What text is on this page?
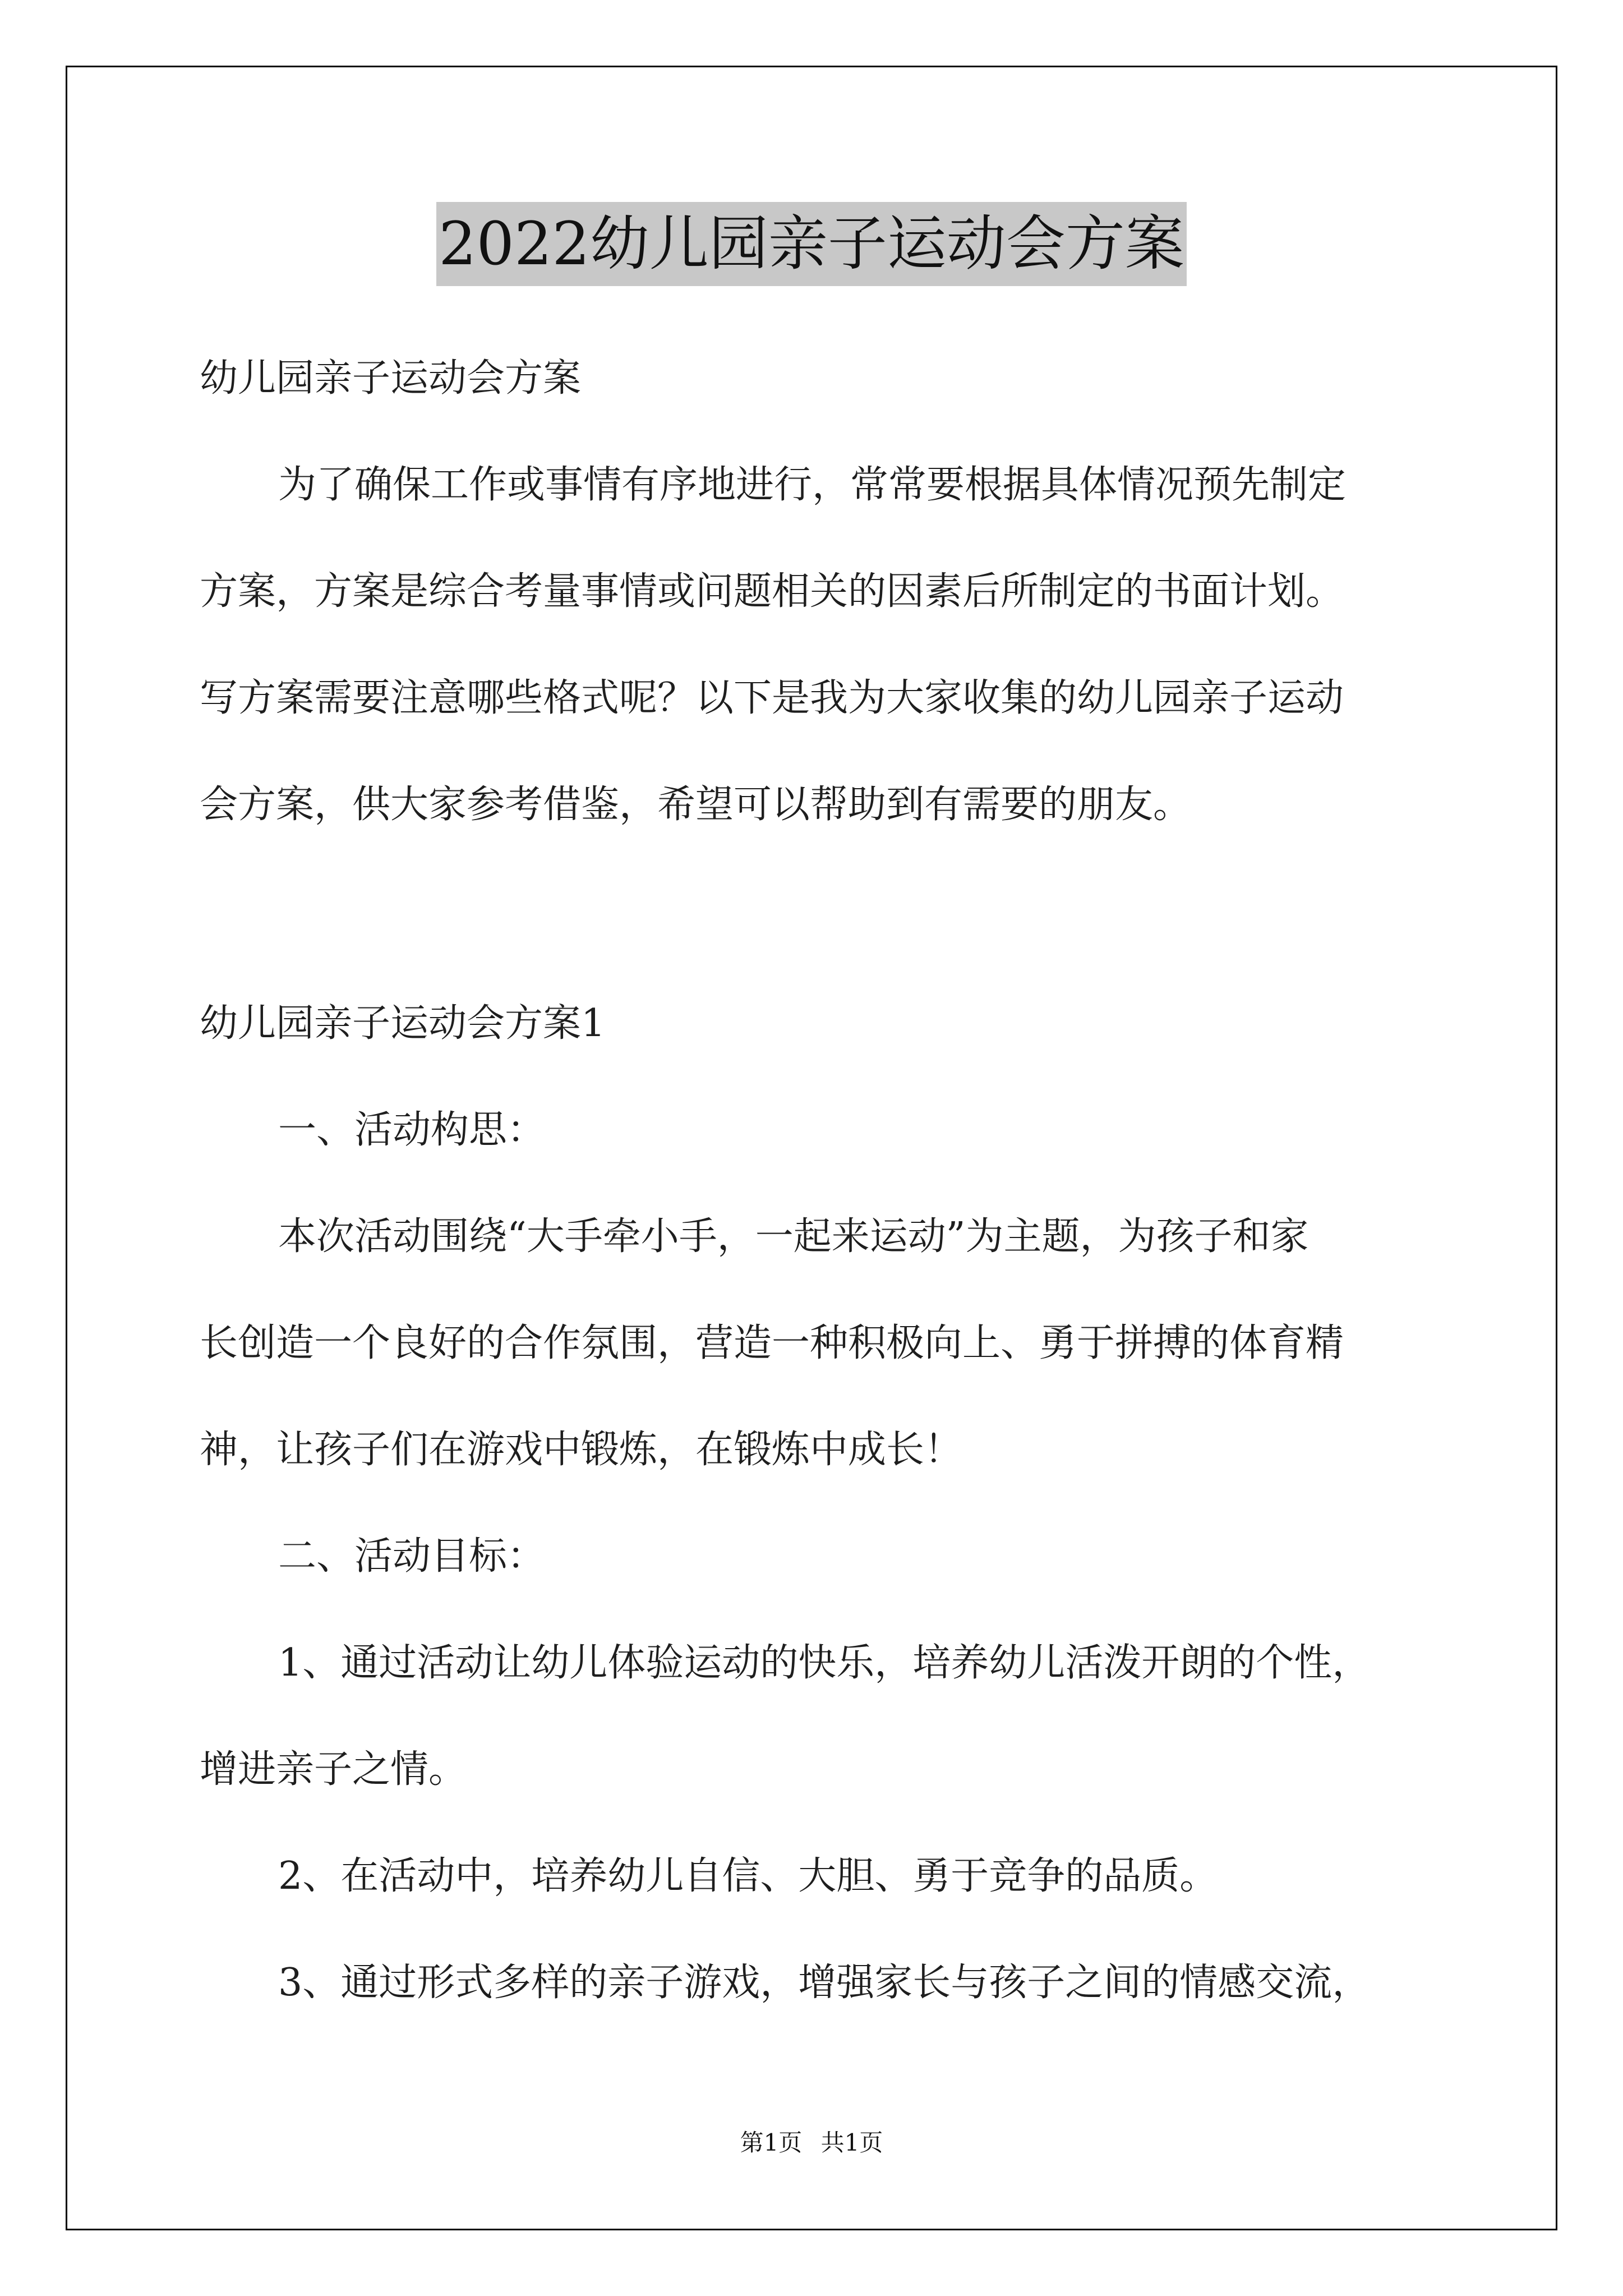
2022幼儿园亲子运动会方案
幼儿园亲子运动会方案
为了确保工作或事情有序地进行，常常要根据具体情况预先制定
方案，方案是综合考量事情或问题相关的因素后所制定的书面计划。
写方案需要注意哪些格式呢？以下是我为大家收集的幼儿园亲子运动
会方案，供大家参考借鉴，希望可以帮助到有需要的朋友。
幼儿园亲子运动会方案1
一、活动构思：
本次活动围绕“大手牵小手，一起来运动”为主题，为孩子和家
长创造一个良好的合作氛围，营造一种积极向上、勇于拼搏的体育精
神，让孩子们在游戏中锻炼，在锻炼中成长！
二、活动目标：
1、通过活动让幼儿体验运动的快乐，培养幼儿活泼开朗的个性，
增进亲子之情。
2、在活动中，培养幼儿自信、大胆、勇于竞争的品质。
3、通过形式多样的亲子游戏，增强家长与孩子之间的情感交流，
第1页 共1页
